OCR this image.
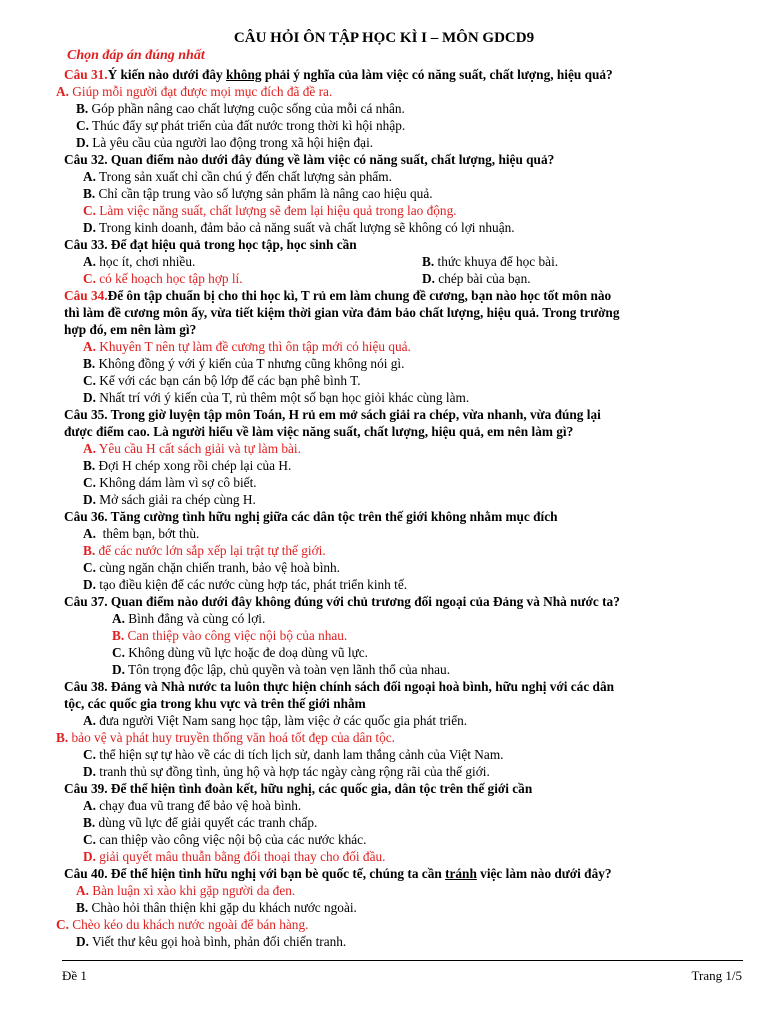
CÂU HỎI ÔN TẬP HỌC KÌ I – MÔN GDCD9
Chọn đáp án đúng nhất

Câu 31.Ý kiến nào dưới đây không phải ý nghĩa của làm việc có năng suất, chất lượng, hiệu quả?

A. Giúp mỗi người đạt được mọi mục đích đã đề ra.

B. Góp phần nâng cao chất lượng cuộc sống của mỗi cá nhân.

C. Thúc đẩy sự phát triển của đất nước trong thời kì hội nhập.

D. Là yêu cầu của người lao động trong xã hội hiện đại.

Câu 32. Quan điểm nào dưới đây đúng về làm việc có năng suất, chất lượng, hiệu quả?

A. Trong sản xuất chỉ cần chú ý đến chất lượng sản phẩm.

B. Chỉ cần tập trung vào số lượng sản phẩm là nâng cao hiệu quả.

C. Làm việc năng suất, chất lượng sẽ đem lại hiệu quả trong lao động.

D. Trong kinh doanh, đảm bảo cả năng suất và chất lượng sẽ không có lợi nhuận.

Câu 33. Để đạt hiệu quả trong học tập, học sinh cần

A. học ít, chơi nhiều.	B. thức khuya để học bài.
C. có kế hoạch học tập hợp lí.	D. chép bài của bạn.

Câu 34.Để ôn tập chuẩn bị cho thi học kì, T rủ em làm chung đề cương, bạn nào học tốt môn nào

thì làm đề cương môn ấy, vừa tiết kiệm thời gian vừa đảm bảo chất lượng, hiệu quả. Trong trường

hợp đó, em nên làm gì?

A. Khuyên T nên tự làm đề cương thì ôn tập mới có hiệu quả.

B. Không đồng ý với ý kiến của T nhưng cũng không nói gì.

C. Kể với các bạn cán bộ lớp để các bạn phê bình T.

D. Nhất trí với ý kiến của T, rủ thêm một số bạn học giỏi khác cùng làm.

Câu 35. Trong giờ luyện tập môn Toán, H rủ em mở sách giải ra chép, vừa nhanh, vừa đúng lại

được điểm cao. Là người hiểu về làm việc năng suất, chất lượng, hiệu quả, em nên làm gì?

A. Yêu cầu H cất sách giải và tự làm bài.

B. Đợi H chép xong rồi chép lại của H.

C. Không dám làm vì sợ cô biết.

D. Mở sách giải ra chép cùng H.

Câu 36. Tăng cường tình hữu nghị giữa các dân tộc trên thế giới không nhằm mục đích

A. thêm bạn, bớt thù.

B. để các nước lớn sắp xếp lại trật tự thế giới.

C. cùng ngăn chặn chiến tranh, bảo vệ hoà bình.

D. tạo điều kiện để các nước cùng hợp tác, phát triển kinh tế.

Câu 37. Quan điểm nào dưới đây không đúng với chủ trương đối ngoại của Đảng và Nhà nước ta?

A. Bình đẳng và cùng có lợi.

B. Can thiệp vào công việc nội bộ của nhau.

C. Không dùng vũ lực hoặc đe doạ dùng vũ lực.

D. Tôn trọng độc lập, chủ quyền và toàn vẹn lãnh thổ của nhau.

Câu 38. Đảng và Nhà nước ta luôn thực hiện chính sách đối ngoại hoà bình, hữu nghị với các dân

tộc, các quốc gia trong khu vực và trên thế giới nhằm

A. đưa người Việt Nam sang học tập, làm việc ở các quốc gia phát triển.

B. bảo vệ và phát huy truyền thống văn hoá tốt đẹp của dân tộc.

C. thể hiện sự tự hào về các di tích lịch sử, danh lam thắng cảnh của Việt Nam.

D. tranh thủ sự đồng tình, ủng hộ và hợp tác ngày càng rộng rãi của thế giới.

Câu 39. Để thể hiện tình đoàn kết, hữu nghị, các quốc gia, dân tộc trên thế giới cần

A. chạy đua vũ trang để bảo vệ hoà bình.

B. dùng vũ lực để giải quyết các tranh chấp.

C. can thiệp vào công việc nội bộ của các nước khác.

D. giải quyết mâu thuẫn bằng đối thoại thay cho đối đầu.

Câu 40. Để thể hiện tình hữu nghị với bạn bè quốc tế, chúng ta cần tránh việc làm nào dưới đây?

A. Bàn luận xì xào khi gặp người da đen.

B. Chào hỏi thân thiện khi gặp du khách nước ngoài.

C. Chèo kéo du khách nước ngoài để bán hàng.

D. Viết thư kêu gọi hoà bình, phản đối chiến tranh.

Đề 1	Trang 1/5
